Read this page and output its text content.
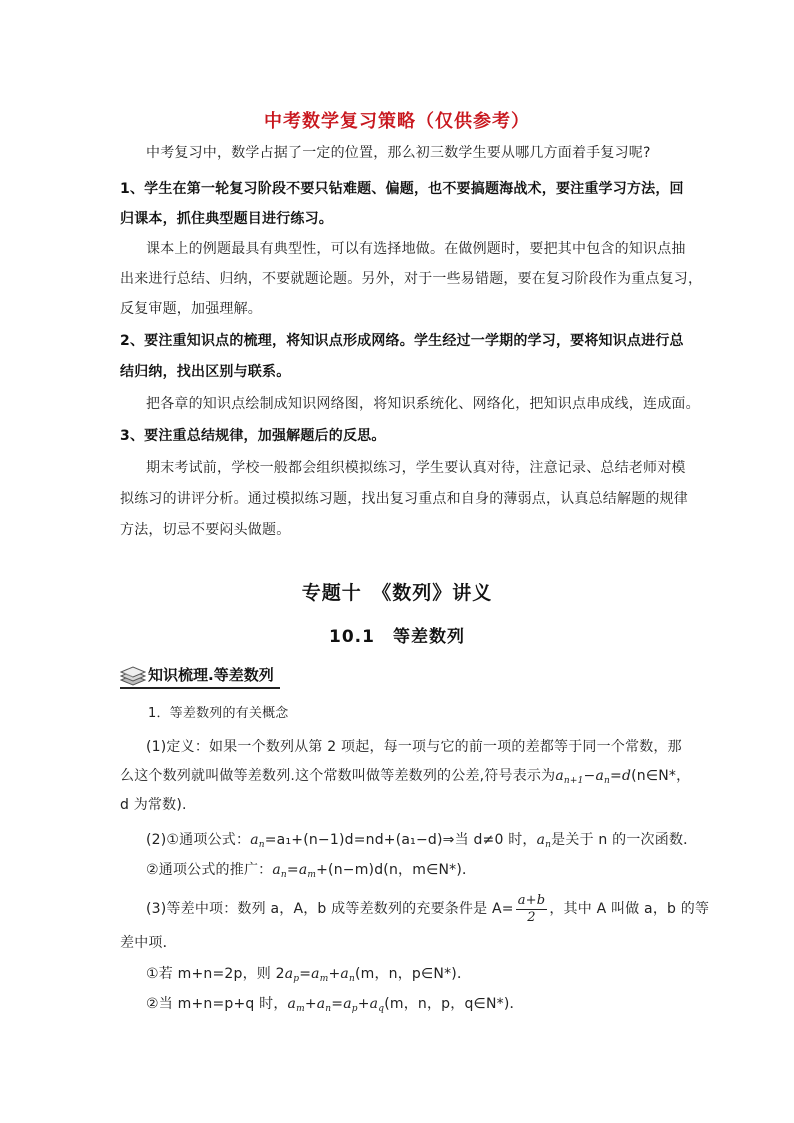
中考数学复习策略（仅供参考）
中考复习中，数学占据了一定的位置，那么初三数学生要从哪几方面着手复习呢?
1、学生在第一轮复习阶段不要只钻难题、偏题，也不要搞题海战术，要注重学习方法，回
归课本，抓住典型题目进行练习。
课本上的例题最具有典型性，可以有选择地做。在做例题时，要把其中包含的知识点抽
出来进行总结、归纳，不要就题论题。另外，对于一些易错题，要在复习阶段作为重点复习，
反复审题，加强理解。
2、要注重知识点的梳理，将知识点形成网络。学生经过一学期的学习，要将知识点进行总
结归纳，找出区别与联系。
把各章的知识点绘制成知识网络图，将知识系统化、网络化，把知识点串成线，连成面。
3、要注重总结规律，加强解题后的反思。
期末考试前，学校一般都会组织模拟练习，学生要认真对待，注意记录、总结老师对模
拟练习的讲评分析。通过模拟练习题，找出复习重点和自身的薄弱点，认真总结解题的规律
方法，切忌不要闷头做题。
专题十　《数列》讲义
10.1　等差数列
知识梳理.等差数列
1．等差数列的有关概念
(1)定义：如果一个数列从第 2 项起，每一项与它的前一项的差都等于同一个常数，那
么这个数列就叫做等差数列.这个常数叫做等差数列的公差,符号表示为$a_{n+1}-a_n=d(n\in N*$，
d 为常数).
(2)①通项公式：$a_n=a_1+(n-1)d=nd+(a_1-d)\Rightarrow$当 d≠0 时，$a_n$是关于 n 的一次函数．
②通项公式的推广：$a_n=a_m+(n-m)d(n$，m∈N*)．
(3)等差中项：数列 a，A，b 成等差数列的充要条件是 $A= \frac{a+b}{2}$ ，其中 A 叫做 a，b 的等
差中项．
①若 m+n=2p，则 $2a_p=a_m+a_n(m$，n，p∈N*)．
②当 m+n=p+q 时，$a_m+a_n=a_p+a_q(m$，n，p，q∈N*)．
